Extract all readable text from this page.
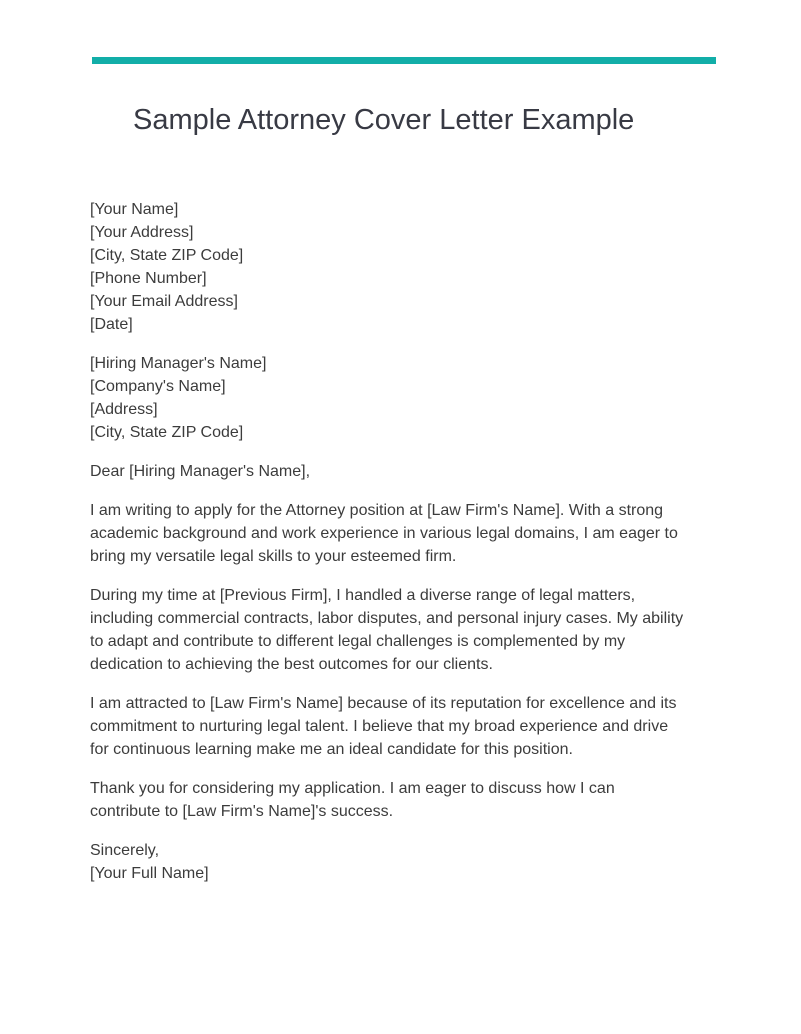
Sample Attorney Cover Letter Example
[Your Name]
[Your Address]
[City, State ZIP Code]
[Phone Number]
[Your Email Address]
[Date]
[Hiring Manager's Name]
[Company's Name]
[Address]
[City, State ZIP Code]
Dear [Hiring Manager's Name],
I am writing to apply for the Attorney position at [Law Firm's Name]. With a strong
academic background and work experience in various legal domains, I am eager to
bring my versatile legal skills to your esteemed firm.
During my time at [Previous Firm], I handled a diverse range of legal matters,
including commercial contracts, labor disputes, and personal injury cases. My ability
to adapt and contribute to different legal challenges is complemented by my
dedication to achieving the best outcomes for our clients.
I am attracted to [Law Firm's Name] because of its reputation for excellence and its
commitment to nurturing legal talent. I believe that my broad experience and drive
for continuous learning make me an ideal candidate for this position.
Thank you for considering my application. I am eager to discuss how I can
contribute to [Law Firm's Name]'s success.
Sincerely,
[Your Full Name]
